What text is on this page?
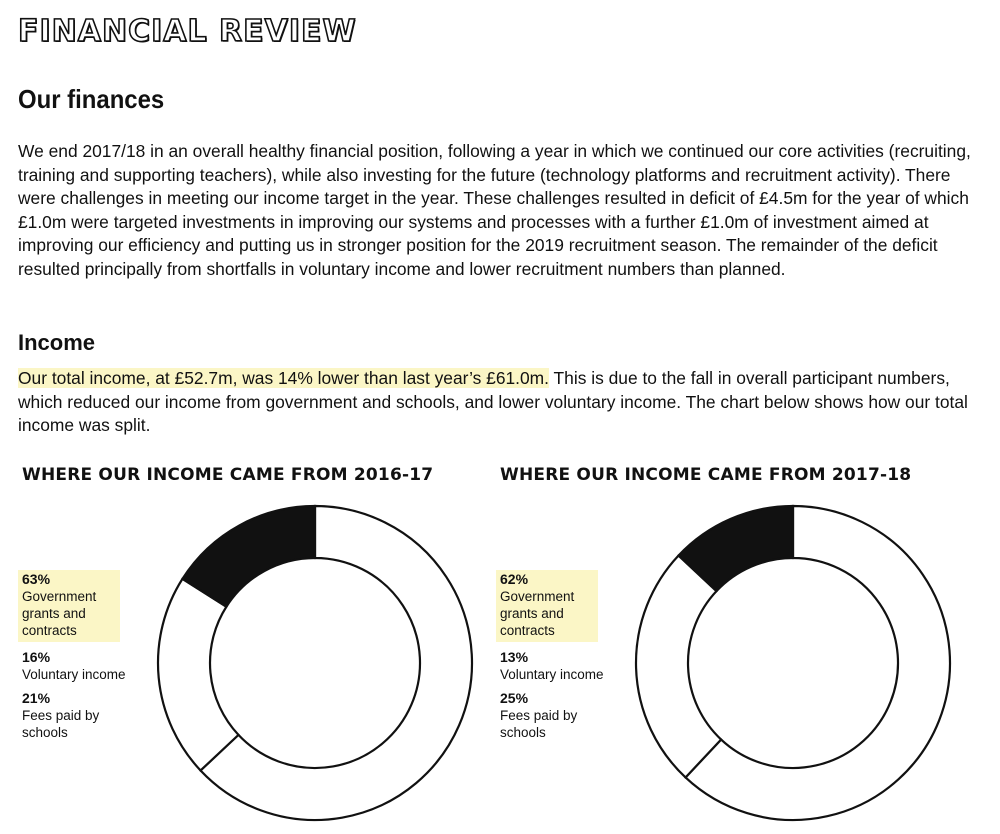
FINANCIAL REVIEW
Our finances
We end 2017/18 in an overall healthy financial position, following a year in which we continued our core activities (recruiting, training and supporting teachers), while also investing for the future (technology platforms and recruitment activity). There were challenges in meeting our income target in the year. These challenges resulted in deficit of £4.5m for the year of which £1.0m were targeted investments in improving our systems and processes with a further £1.0m of investment aimed at improving our efficiency and putting us in stronger position for the 2019 recruitment season. The remainder of the deficit resulted principally from shortfalls in voluntary income and lower recruitment numbers than planned.
Income
Our total income, at £52.7m, was 14% lower than last year’s £61.0m. This is due to the fall in overall participant numbers, which reduced our income from government and schools, and lower voluntary income. The chart below shows how our total income was split.
WHERE OUR INCOME CAME FROM 2016-17
63%
Government grants and contracts
16%
Voluntary income
21%
Fees paid by schools
WHERE OUR INCOME CAME FROM 2017-18
62%
Government grants and contracts
13%
Voluntary income
25%
Fees paid by schools
